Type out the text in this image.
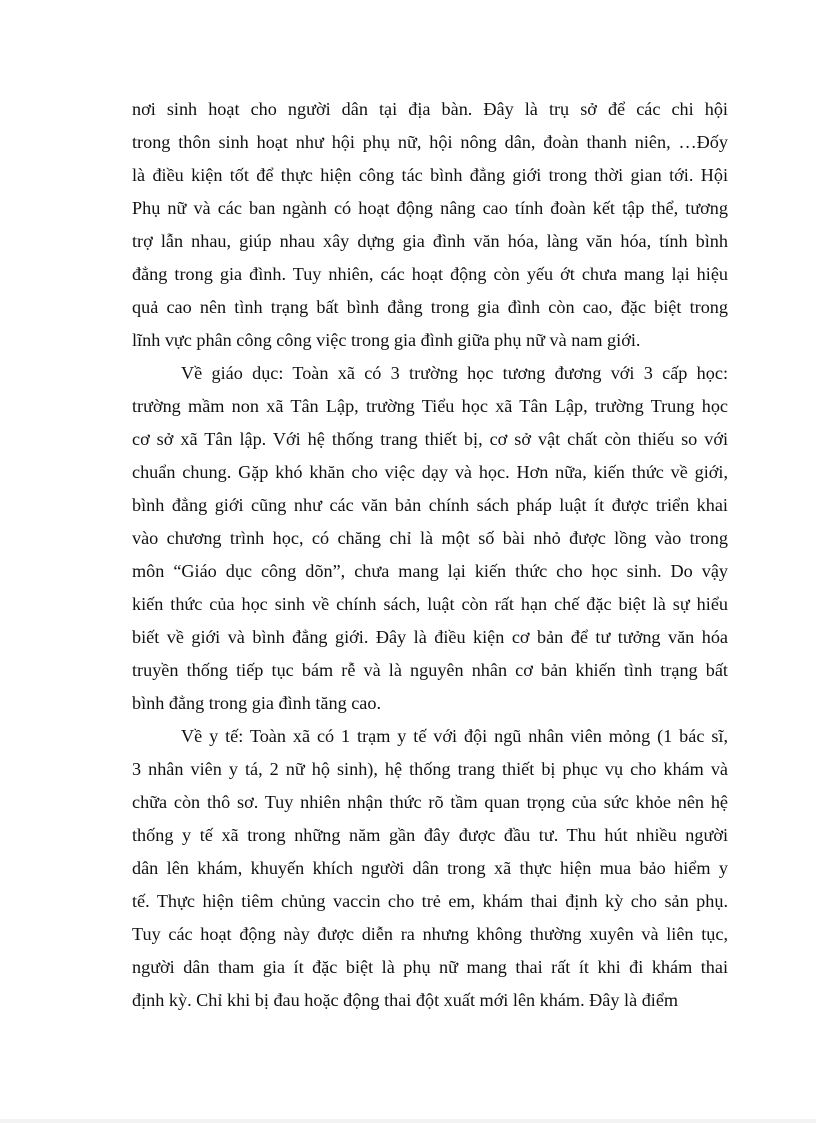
nơi sinh hoạt cho người dân tại địa bàn. Đây là trụ sở để các chi hội
trong thôn sinh hoạt như hội phụ nữ, hội nông dân, đoàn thanh niên, …Đốy
là điều kiện tốt để thực hiện công tác bình đẳng giới trong thời gian tới. Hội
Phụ nữ và các ban ngành có hoạt động nâng cao tính đoàn kết tập thể, tương
trợ lẫn nhau, giúp nhau xây dựng gia đình văn hóa, làng văn hóa, tính bình
đẳng trong gia đình. Tuy nhiên, các hoạt động còn yếu ớt chưa mang lại hiệu
quả cao nên tình trạng bất bình đẳng trong gia đình còn cao, đặc biệt trong
lĩnh vực phân công công việc trong gia đình giữa phụ nữ và nam giới.
Về giáo dục: Toàn xã có 3 trường học tương đương với 3 cấp học:
trường mầm non xã Tân Lập, trường Tiểu học xã Tân Lập, trường Trung học
cơ sở xã Tân lập. Với hệ thống trang thiết bị, cơ sở vật chất còn thiếu so với
chuẩn chung. Gặp khó khăn cho việc dạy và học. Hơn nữa, kiến thức về giới,
bình đẳng giới cũng như các văn bản chính sách pháp luật ít được triển khai
vào chương trình học, có chăng chỉ là một số bài nhỏ được lồng vào trong
môn “Giáo dục công dõn”, chưa mang lại kiến thức cho học sinh. Do vậy
kiến thức của học sinh về chính sách, luật còn rất hạn chế đặc biệt là sự hiểu
biết về giới và bình đẳng giới. Đây là điều kiện cơ bản để tư tưởng văn hóa
truyền thống tiếp tục bám rễ và là nguyên nhân cơ bản khiến tình trạng bất
bình đẳng trong gia đình tăng cao.
Về y tế: Toàn xã có 1 trạm y tế với đội ngũ nhân viên mỏng (1 bác sĩ,
3 nhân viên y tá, 2 nữ hộ sinh), hệ thống trang thiết bị phục vụ cho khám và
chữa còn thô sơ. Tuy nhiên nhận thức rõ tầm quan trọng của sức khỏe nên hệ
thống y tế xã trong những năm gần đây được đầu tư. Thu hút nhiều người
dân lên khám, khuyến khích người dân trong xã thực hiện mua bảo hiểm y
tế. Thực hiện tiêm chủng vaccin cho trẻ em, khám thai định kỳ cho sản phụ.
Tuy các hoạt động này được diễn ra nhưng không thường xuyên và liên tục,
người dân tham gia ít đặc biệt là phụ nữ mang thai rất ít khi đi khám thai
định kỳ. Chỉ khi bị đau hoặc động thai đột xuất mới lên khám. Đây là điểm
